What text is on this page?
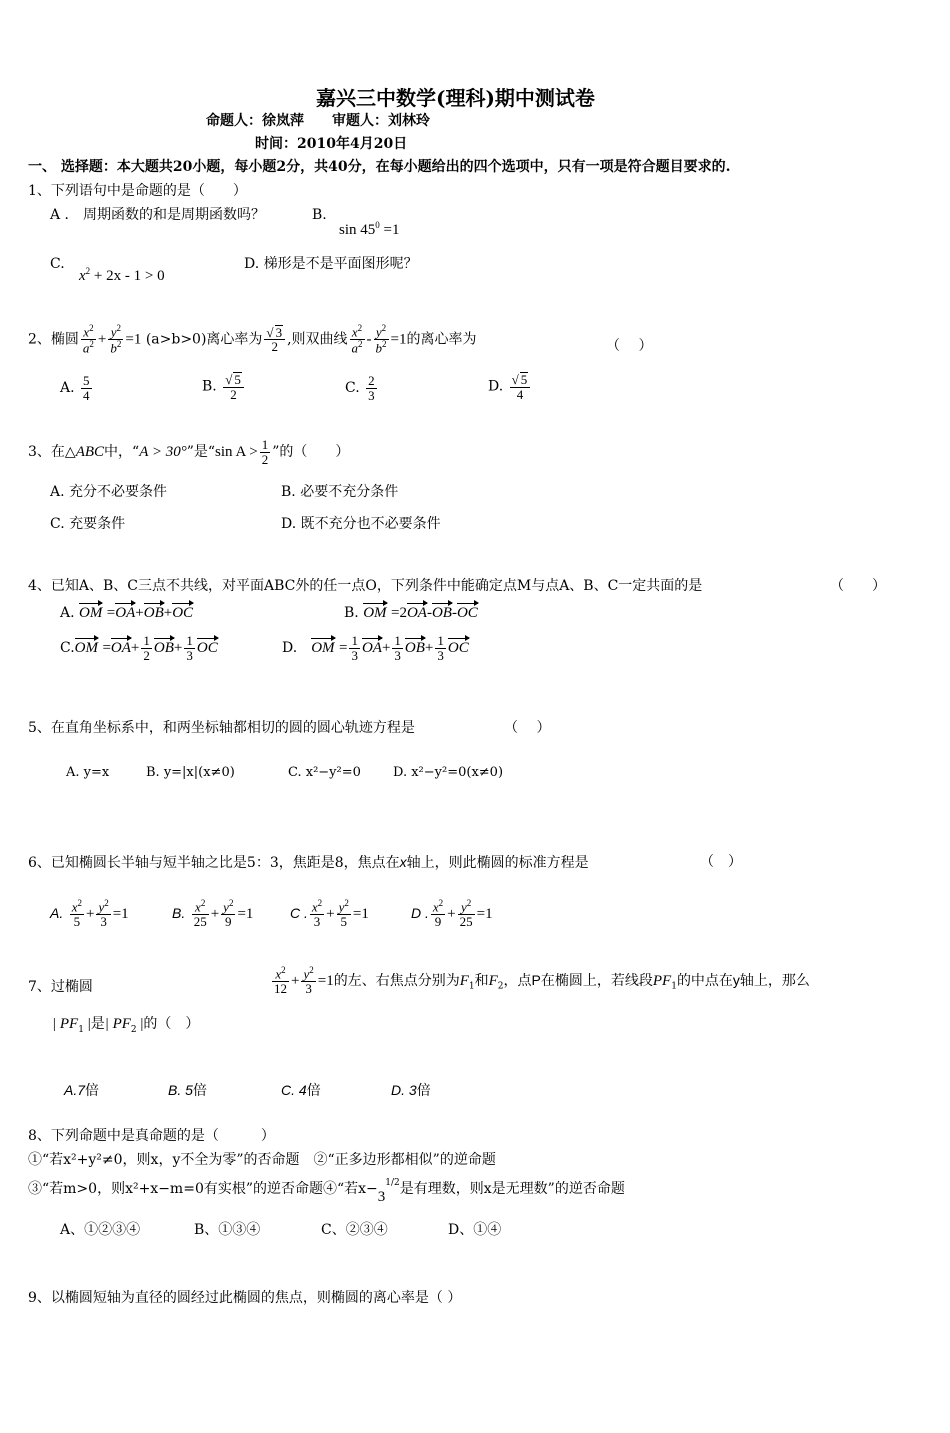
嘉兴三中数学(理科)期中测试卷
命题人：徐岚萍　　审题人：刘林玲
时间：2010年4月20日
一、 选择题：本大题共20小题，每小题2分，共40分，在每小题给出的四个选项中，只有一项是符合题目要求的.
1、下列语句中是命题的是（　　）
A ． 周期函数的和是周期函数吗？	B.
$\sin 45^0 =1$
C.
$x^2 + 2x - 1 > 0$
D. 梯形是不是平面图形呢？
2、椭圆 $\frac{x^2}{a^2} + \frac{y^2}{b^2} =1$ (a>b>0)离心率为 $\frac{√ 3}{2}$ ,则双曲线 $\frac{x^2}{a^2} - \frac{y^2}{b^2} =1$的离心率为	（　 ）
A. $\frac{5}{4}$	B. $\frac{√ 5}{2}$	C. $\frac{2}{3}$	D. $\frac{√ 5}{4}$
3、在△ABC中，“A > 30°”是“sin $A > \frac{1}{2}$ ”的（　　）
A. 充分不必要条件	B. 必要不充分条件
C. 充要条件	D. 既不充分也不必要条件
4、已知A、B、C三点不共线，对平面ABC外的任一点O，下列条件中能确定点M与点A、B、C一定共面的是	（　　）
A. OM =OA+OB+OC	B. OM =2OA-OB-OC
$C.OM =OA+ \frac{1}{2} OB+ \frac{1}{3}$ OC	D.　 OM = $\frac{1}{3} OA+ \frac{1}{3} OB+ \frac{1}{3}$ OC
5、在直角坐标系中，和两坐标轴都相切的圆的圆心轨迹方程是	（　 ）
A. y=x	B. y=|x|(x≠0)	C. x²−y²=0 D. x²−y²=0(x≠0)
6、已知椭圆长半轴与短半轴之比是5：3，焦距是8，焦点在x轴上，则此椭圆的标准方程是	（　）
A. $\frac{x^2}{5} + \frac{y^2}{3} =1$	B. $\frac{x^2}{25} + \frac{y^2}{9} =1$	C . $\frac{x^2}{3} + \frac{y^2}{5} =1$	D . $\frac{x^2}{9} + \frac{y^2}{25} =1$
7、过椭圆	$\frac{x^2}{12} + \frac{y^2}{3} =1$的左、右焦点分别为$F_1$和$F_2$，点P在椭圆上，若线段$PF_1$的中点在y轴上，那么
| $PF_1$ |是| $PF_2$ |的（　）
A.7倍	B. 5倍	C. 4倍	D. 3倍
8、下列命题中是真命题的是（　　　）
①“若x²+y²≠0，则x，y不全为零”的否命题　②“正多边形都相似”的逆命题
③“若m>0，则x²+x−m=0有实根”的逆否命题④“若$x-3^{1/2}$是有理数，则x是无理数”的逆否命题
A、①②③④	B、①③④	C、②③④	D、①④
9、以椭圆短轴为直径的圆经过此椭圆的焦点，则椭圆的离心率是（ ）
